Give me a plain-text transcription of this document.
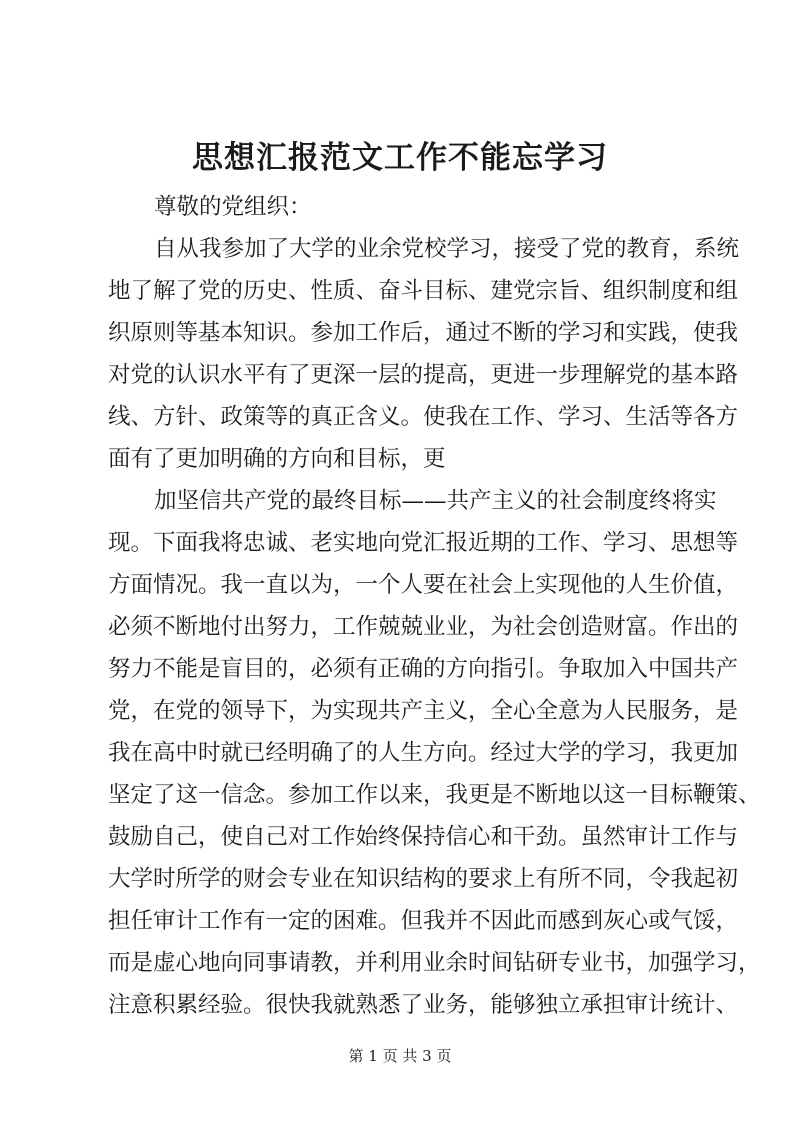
思想汇报范文工作不能忘学习
尊敬的党组织：
自从我参加了大学的业余党校学习，接受了党的教育，系统
地了解了党的历史、性质、奋斗目标、建党宗旨、组织制度和组
织原则等基本知识。参加工作后，通过不断的学习和实践，使我
对党的认识水平有了更深一层的提高，更进一步理解党的基本路
线、方针、政策等的真正含义。使我在工作、学习、生活等各方
面有了更加明确的方向和目标，更
加坚信共产党的最终目标——共产主义的社会制度终将实
现。下面我将忠诚、老实地向党汇报近期的工作、学习、思想等
方面情况。我一直以为，一个人要在社会上实现他的人生价值，
必须不断地付出努力，工作兢兢业业，为社会创造财富。作出的
努力不能是盲目的，必须有正确的方向指引。争取加入中国共产
党，在党的领导下，为实现共产主义，全心全意为人民服务，是
我在高中时就已经明确了的人生方向。经过大学的学习，我更加
坚定了这一信念。参加工作以来，我更是不断地以这一目标鞭策、
鼓励自己，使自己对工作始终保持信心和干劲。虽然审计工作与
大学时所学的财会专业在知识结构的要求上有所不同，令我起初
担任审计工作有一定的困难。但我并不因此而感到灰心或气馁，
而是虚心地向同事请教，并利用业余时间钻研专业书，加强学习，
注意积累经验。很快我就熟悉了业务，能够独立承担审计统计、
第 1 页 共 3 页
